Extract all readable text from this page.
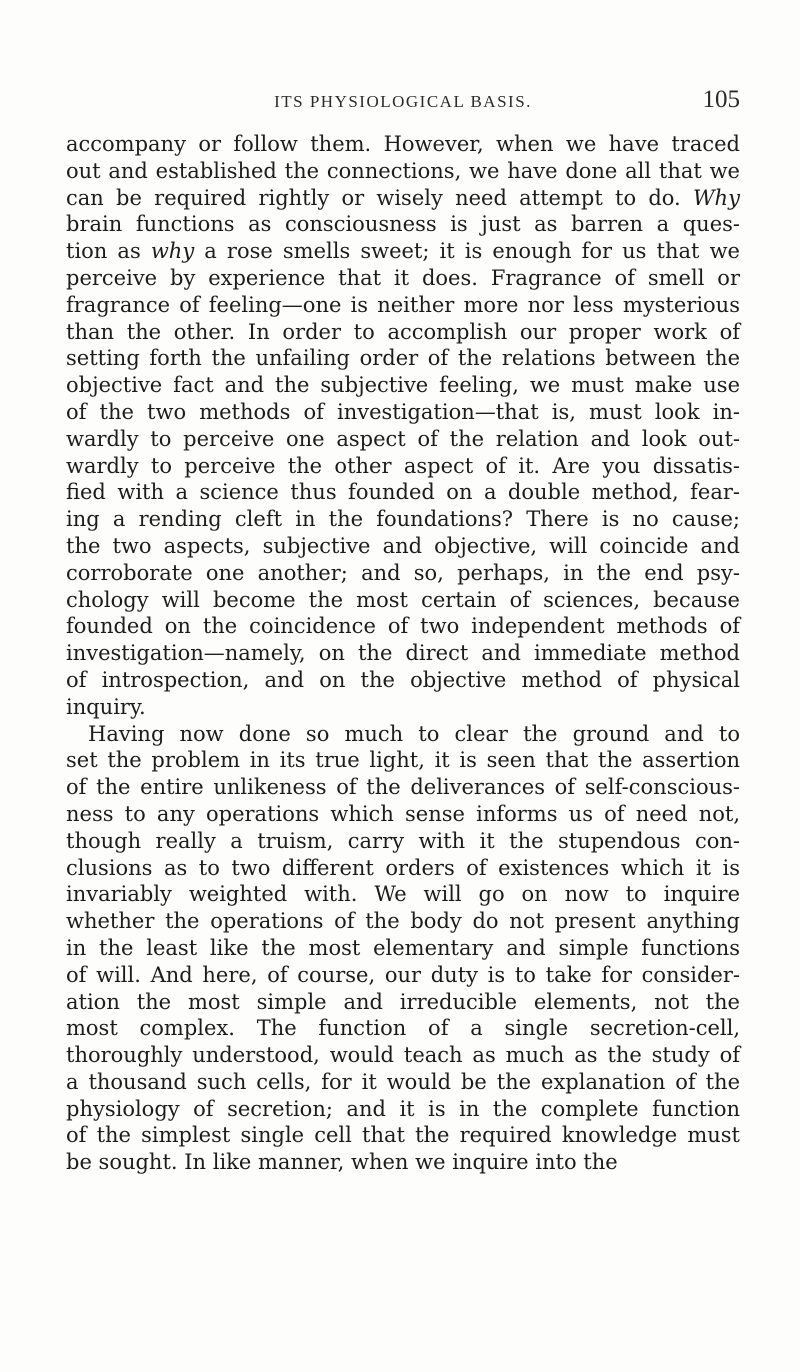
ITS PHYSIOLOGICAL BASIS.	105
accompany or follow them. However, when we have traced
out and established the connections, we have done all that we
can be required rightly or wisely need attempt to do. Why
brain functions as consciousness is just as barren a ques-
tion as why a rose smells sweet; it is enough for us that we
perceive by experience that it does. Fragrance of smell or
fragrance of feeling—one is neither more nor less mysterious
than the other. In order to accomplish our proper work of
setting forth the unfailing order of the relations between the
objective fact and the subjective feeling, we must make use
of the two methods of investigation—that is, must look in-
wardly to perceive one aspect of the relation and look out-
wardly to perceive the other aspect of it. Are you dissatis-
fied with a science thus founded on a double method, fear-
ing a rending cleft in the foundations? There is no cause;
the two aspects, subjective and objective, will coincide and
corroborate one another; and so, perhaps, in the end psy-
chology will become the most certain of sciences, because
founded on the coincidence of two independent methods of
investigation—namely, on the direct and immediate method
of introspection, and on the objective method of physical
inquiry.
Having now done so much to clear the ground and to
set the problem in its true light, it is seen that the assertion
of the entire unlikeness of the deliverances of self-conscious-
ness to any operations which sense informs us of need not,
though really a truism, carry with it the stupendous con-
clusions as to two different orders of existences which it is
invariably weighted with. We will go on now to inquire
whether the operations of the body do not present anything
in the least like the most elementary and simple functions
of will. And here, of course, our duty is to take for consider-
ation the most simple and irreducible elements, not the
most complex. The function of a single secretion-cell,
thoroughly understood, would teach as much as the study of
a thousand such cells, for it would be the explanation of the
physiology of secretion; and it is in the complete function
of the simplest single cell that the required knowledge must
be sought. In like manner, when we inquire into the
